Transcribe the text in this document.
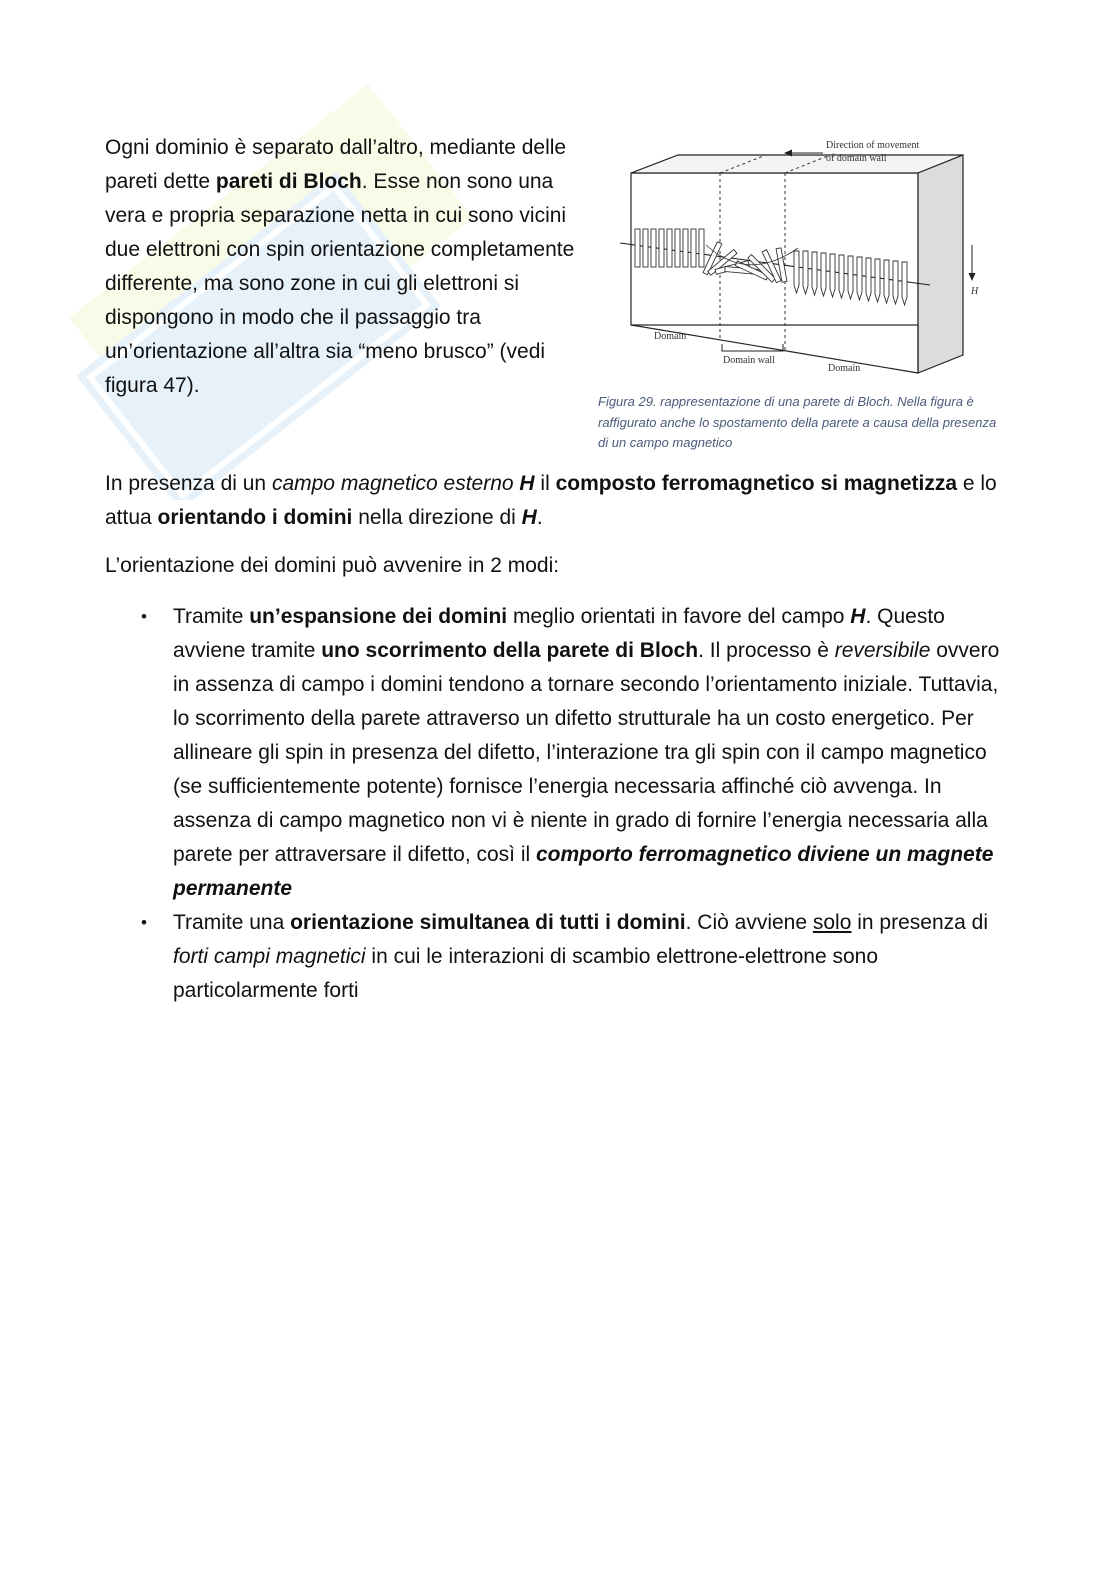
Ogni dominio è separato dall’altro, mediante delle pareti dette pareti di Bloch. Esse non sono una vera e propria separazione netta in cui sono vicini due elettroni con spin orientazione completamente differente, ma sono zone in cui gli elettroni si dispongono in modo che il passaggio tra un’orientazione all’altra sia “meno brusco” (vedi figura 47).

Direction of movement
of domain wall
Domain
Domain wall
Domain
H

Figura 29. rappresentazione di una parete di Bloch. Nella figura è raffigurato anche lo spostamento della parete a causa della presenza di un campo magnetico

In presenza di un campo magnetico esterno H il composto ferromagnetico si magnetizza e lo attua orientando i domini nella direzione di H.

L’orientazione dei domini può avvenire in 2 modi:

• Tramite un’espansione dei domini meglio orientati in favore del campo H. Questo avviene tramite uno scorrimento della parete di Bloch. Il processo è reversibile ovvero in assenza di campo i domini tendono a tornare secondo l’orientamento iniziale. Tuttavia, lo scorrimento della parete attraverso un difetto strutturale ha un costo energetico. Per allineare gli spin in presenza del difetto, l’interazione tra gli spin con il campo magnetico (se sufficientemente potente) fornisce l’energia necessaria affinché ciò avvenga. In assenza di campo magnetico non vi è niente in grado di fornire l’energia necessaria alla parete per attraversare il difetto, così il comporto ferromagnetico diviene un magnete permanente
• Tramite una orientazione simultanea di tutti i domini. Ciò avviene solo in presenza di forti campi magnetici in cui le interazioni di scambio elettrone-elettrone sono particolarmente forti
